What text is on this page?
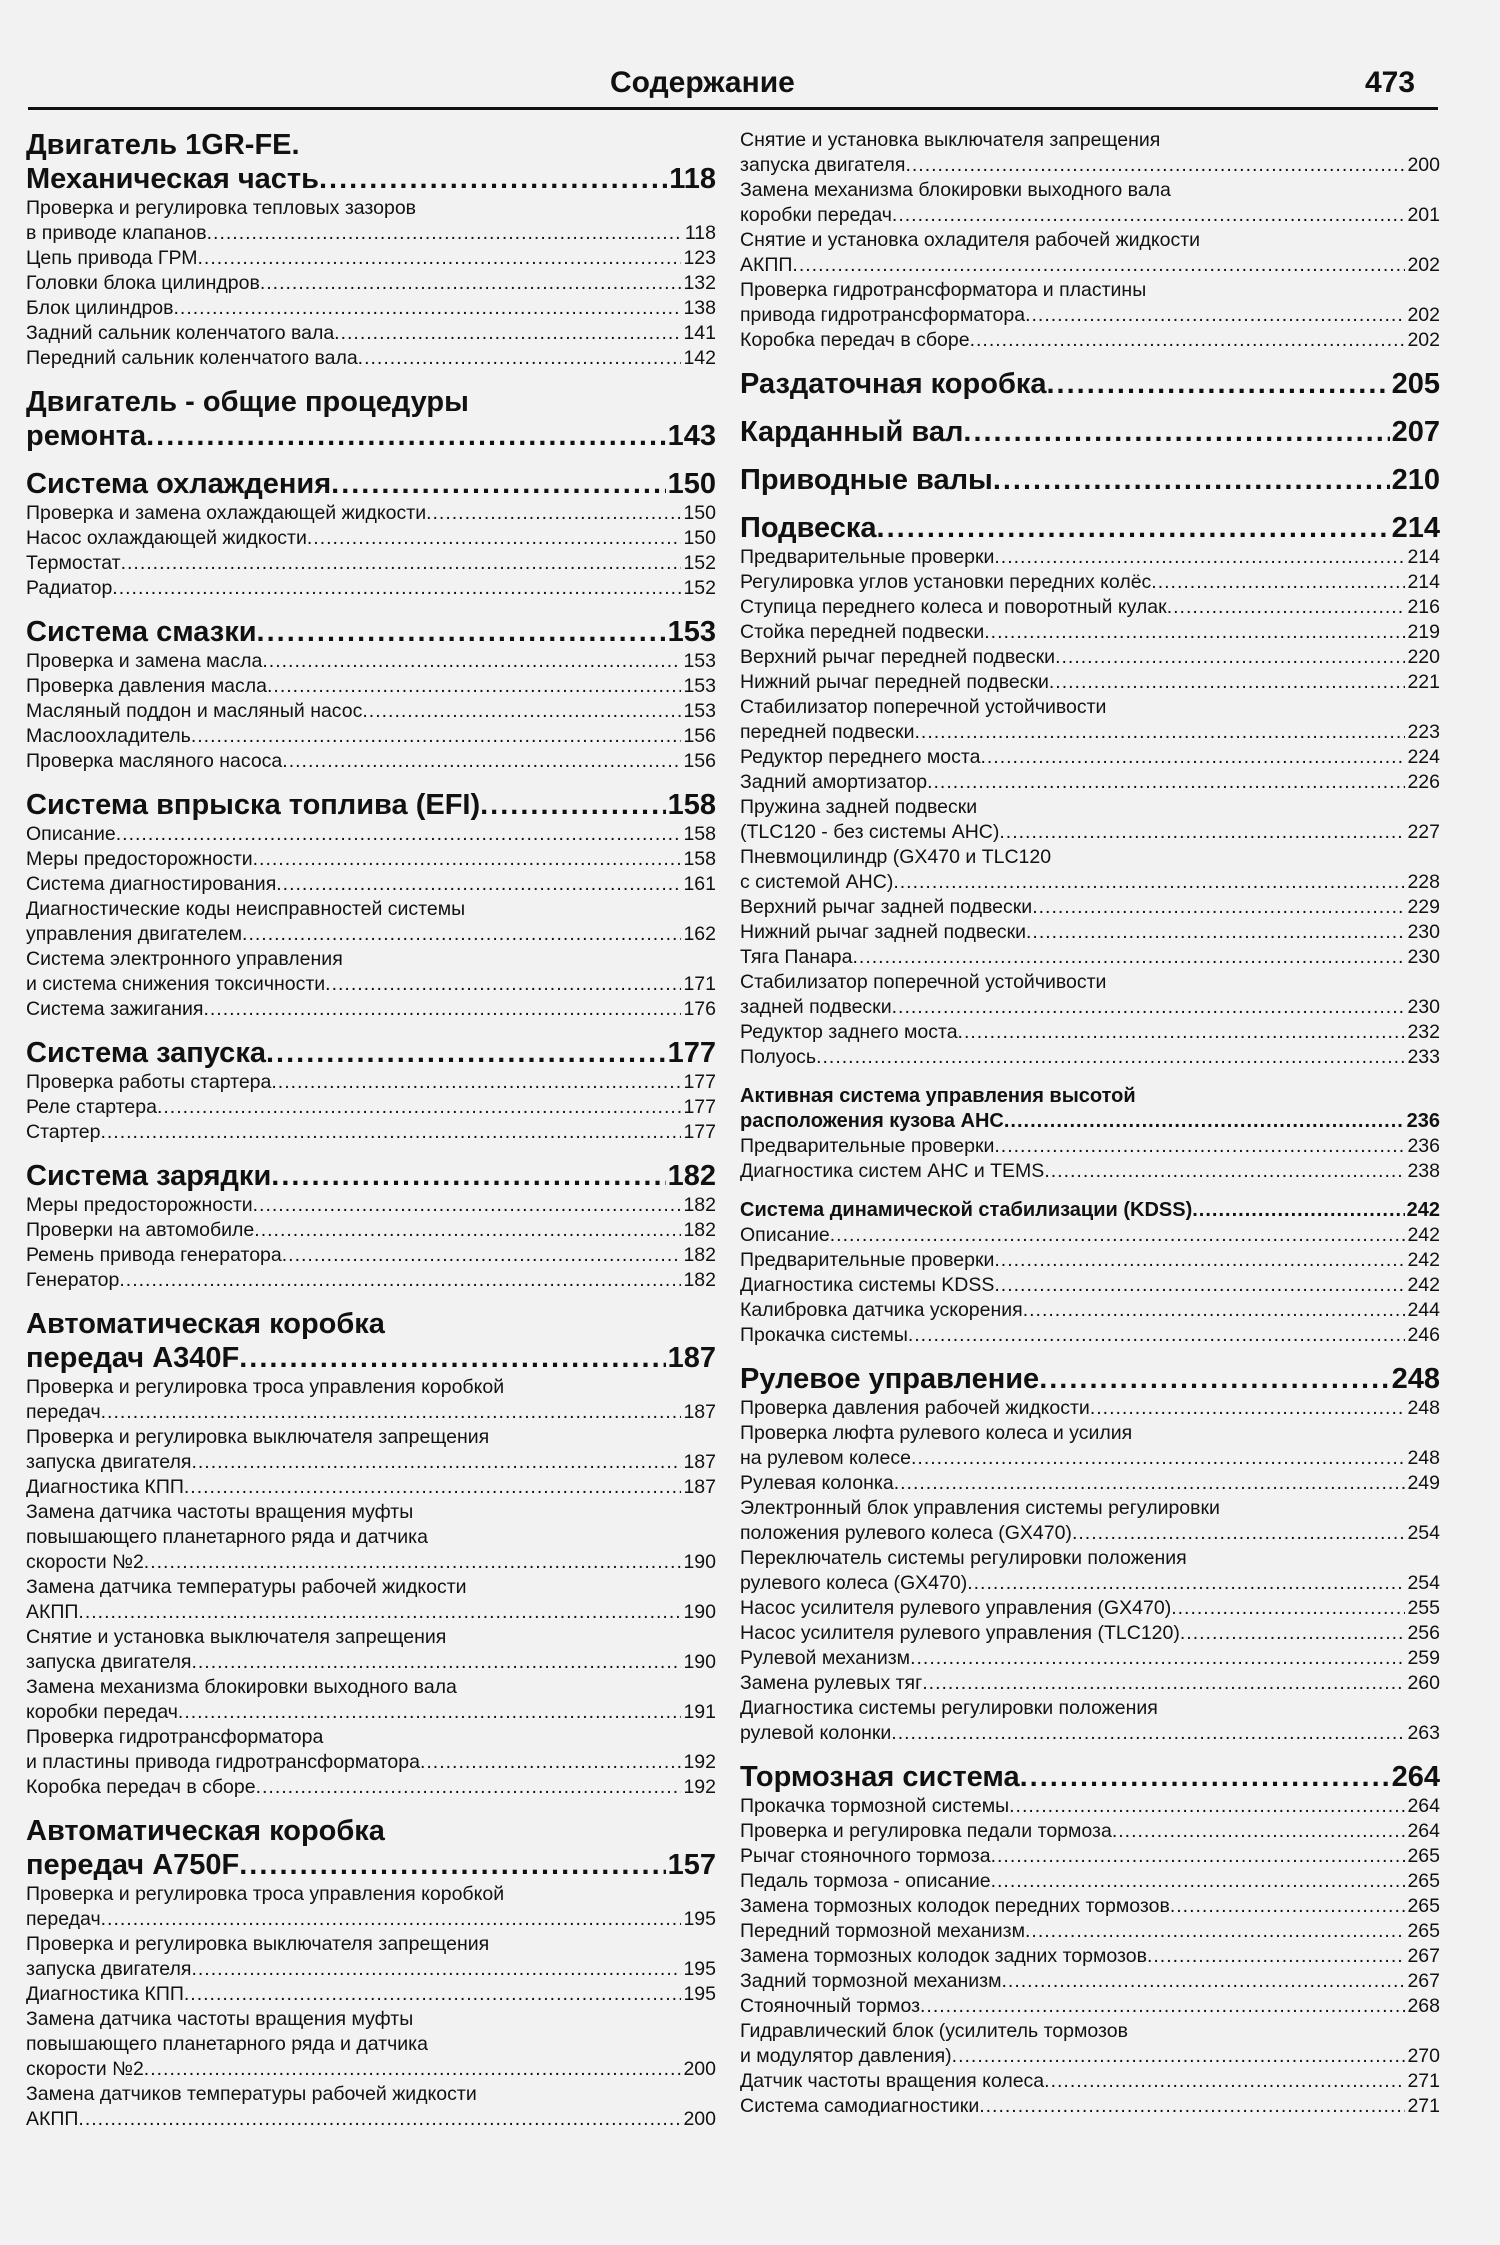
Содержание	473
Двигатель 1GR-FE.
Механическая часть .....	118
Проверка и регулировка тепловых зазоров
в приводе клапанов .....	118
Цепь привода ГРМ .....	123
Головки блока цилиндров .....	132
Блок цилиндров .....	138
Задний сальник коленчатого вала .....	141
Передний сальник коленчатого вала .....	142
Двигатель - общие процедуры
ремонта .....	143
Система охлаждения .....	150
Проверка и замена охлаждающей жидкости .....	150
Насос охлаждающей жидкости .....	150
Термостат .....	152
Радиатор .....	152
Система смазки .....	153
Проверка и замена масла .....	153
Проверка давления масла .....	153
Масляный поддон и масляный насос .....	153
Маслоохладитель .....	156
Проверка масляного насоса .....	156
Система впрыска топлива (EFI) .....	158
Описание .....	158
Меры предосторожности .....	158
Система диагностирования .....	161
Диагностические коды неисправностей системы
управления двигателем .....	162
Система электронного управления
и система снижения токсичности .....	171
Система зажигания .....	176
Система запуска .....	177
Проверка работы стартера .....	177
Реле стартера .....	177
Стартер .....	177
Система зарядки .....	182
Меры предосторожности .....	182
Проверки на автомобиле .....	182
Ремень привода генератора .....	182
Генератор .....	182
Автоматическая коробка
передач A340F .....	187
Проверка и регулировка троса управления коробкой
передач .....	187
Проверка и регулировка выключателя запрещения
запуска двигателя .....	187
Диагностика КПП .....	187
Замена датчика частоты вращения муфты
повышающего планетарного ряда и датчика
скорости №2 .....	190
Замена датчика температуры рабочей жидкости
АКПП .....	190
Снятие и установка выключателя запрещения
запуска двигателя .....	190
Замена механизма блокировки выходного вала
коробки передач .....	191
Проверка гидротрансформатора
и пластины привода гидротрансформатора .....	192
Коробка передач в сборе .....	192
Автоматическая коробка
передач A750F .....	157
Проверка и регулировка троса управления коробкой
передач .....	195
Проверка и регулировка выключателя запрещения
запуска двигателя .....	195
Диагностика КПП .....	195
Замена датчика частоты вращения муфты
повышающего планетарного ряда и датчика
скорости №2 .....	200
Замена датчиков температуры рабочей жидкости
АКПП .....	200
Снятие и установка выключателя запрещения
запуска двигателя .....	200
Замена механизма блокировки выходного вала
коробки передач .....	201
Снятие и установка охладителя рабочей жидкости
АКПП .....	202
Проверка гидротрансформатора и пластины
привода гидротрансформатора .....	202
Коробка передач в сборе .....	202
Раздаточная коробка .....	205
Карданный вал .....	207
Приводные валы .....	210
Подвеска .....	214
Предварительные проверки .....	214
Регулировка углов установки передних колёс .....	214
Ступица переднего колеса и поворотный кулак .....	216
Стойка передней подвески .....	219
Верхний рычаг передней подвески .....	220
Нижний рычаг передней подвески .....	221
Стабилизатор поперечной устойчивости
передней подвески .....	223
Редуктор переднего моста .....	224
Задний амортизатор .....	226
Пружина задней подвески
(TLC120 - без системы AHC) .....	227
Пневмоцилиндр (GX470 и TLC120
с системой AHC) .....	228
Верхний рычаг задней подвески .....	229
Нижний рычаг задней подвески .....	230
Тяга Панара .....	230
Стабилизатор поперечной устойчивости
задней подвески .....	230
Редуктор заднего моста .....	232
Полуось .....	233
Активная система управления высотой
расположения кузова AHC .....	236
Предварительные проверки .....	236
Диагностика систем AHC и TEMS .....	238
Система динамической стабилизации (KDSS) .....	242
Описание .....	242
Предварительные проверки .....	242
Диагностика системы KDSS .....	242
Калибровка датчика ускорения .....	244
Прокачка системы .....	246
Рулевое управление .....	248
Проверка давления рабочей жидкости .....	248
Проверка люфта рулевого колеса и усилия
на рулевом колесе .....	248
Рулевая колонка .....	249
Электронный блок управления системы регулировки
положения рулевого колеса (GX470) .....	254
Переключатель системы регулировки положения
рулевого колеса (GX470) .....	254
Насос усилителя рулевого управления (GX470) .....	255
Насос усилителя рулевого управления (TLC120) .....	256
Рулевой механизм .....	259
Замена рулевых тяг .....	260
Диагностика системы регулировки положения
рулевой колонки .....	263
Тормозная система .....	264
Прокачка тормозной системы .....	264
Проверка и регулировка педали тормоза .....	264
Рычаг стояночного тормоза .....	265
Педаль тормоза - описание .....	265
Замена тормозных колодок передних тормозов .....	265
Передний тормозной механизм .....	265
Замена тормозных колодок задних тормозов .....	267
Задний тормозной механизм .....	267
Стояночный тормоз .....	268
Гидравлический блок (усилитель тормозов
и модулятор давления) .....	270
Датчик частоты вращения колеса .....	271
Система самодиагностики .....	271
